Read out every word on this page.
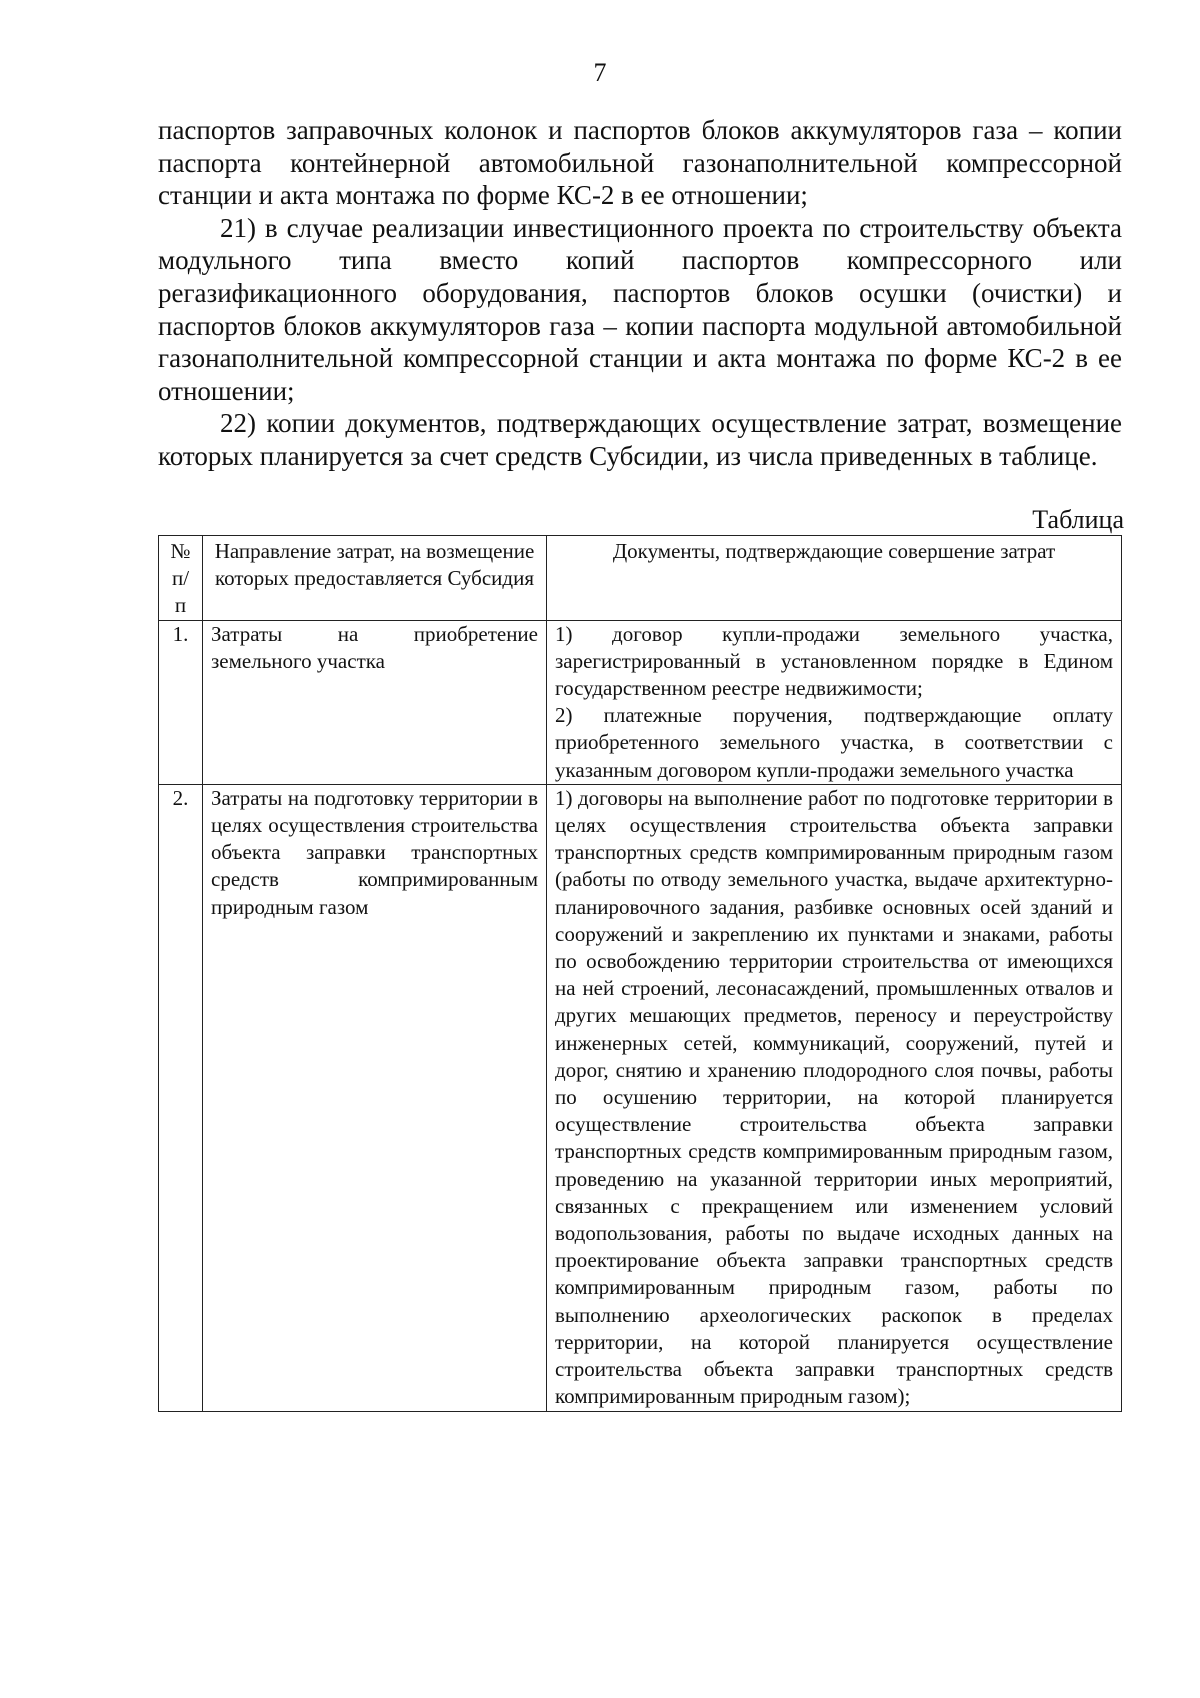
7

паспортов заправочных колонок и паспортов блоков аккумуляторов газа – копии паспорта контейнерной автомобильной газонаполнительной компрессорной станции и акта монтажа по форме КС-2 в ее отношении;

21) в случае реализации инвестиционного проекта по строительству объекта модульного типа вместо копий паспортов компрессорного или регазификационного оборудования, паспортов блоков осушки (очистки) и паспортов блоков аккумуляторов газа – копии паспорта модульной автомобильной газонаполнительной компрессорной станции и акта монтажа по форме КС-2 в ее отношении;

22) копии документов, подтверждающих осуществление затрат, возмещение которых планируется за счет средств Субсидии, из числа приведенных в таблице.

Таблица
№ п/п	Направление затрат, на возмещение которых предоставляется Субсидия	Документы, подтверждающие совершение затрат
1.	Затраты на приобретение земельного участка	1) договор купли-продажи земельного участка, зарегистрированный в установленном порядке в Едином государственном реестре недвижимости;
2) платежные поручения, подтверждающие оплату приобретенного земельного участка, в соответствии с указанным договором купли-продажи земельного участка

2.	Затраты на подготовку территории в целях осуществления строительства объекта заправки транспортных средств компримированным природным газом	1) договоры на выполнение работ по подготовке территории в целях осуществления строительства объекта заправки транспортных средств компримированным природным газом (работы по отводу земельного участка, выдаче архитектурно-планировочного задания, разбивке основных осей зданий и сооружений и закреплению их пунктами и знаками, работы по освобождению территории строительства от имеющихся на ней строений, лесонасаждений, промышленных отвалов и других мешающих предметов, переносу и переустройству инженерных сетей, коммуникаций, сооружений, путей и дорог, снятию и хранению плодородного слоя почвы, работы по осушению территории, на которой планируется осуществление строительства объекта заправки транспортных средств компримированным природным газом, проведению на указанной территории иных мероприятий, связанных с прекращением или изменением условий водопользования, работы по выдаче исходных данных на проектирование объекта заправки транспортных средств компримированным природным газом, работы по выполнению археологических раскопок в пределах территории, на которой планируется осуществление строительства объекта заправки транспортных средств компримированным природным газом);
